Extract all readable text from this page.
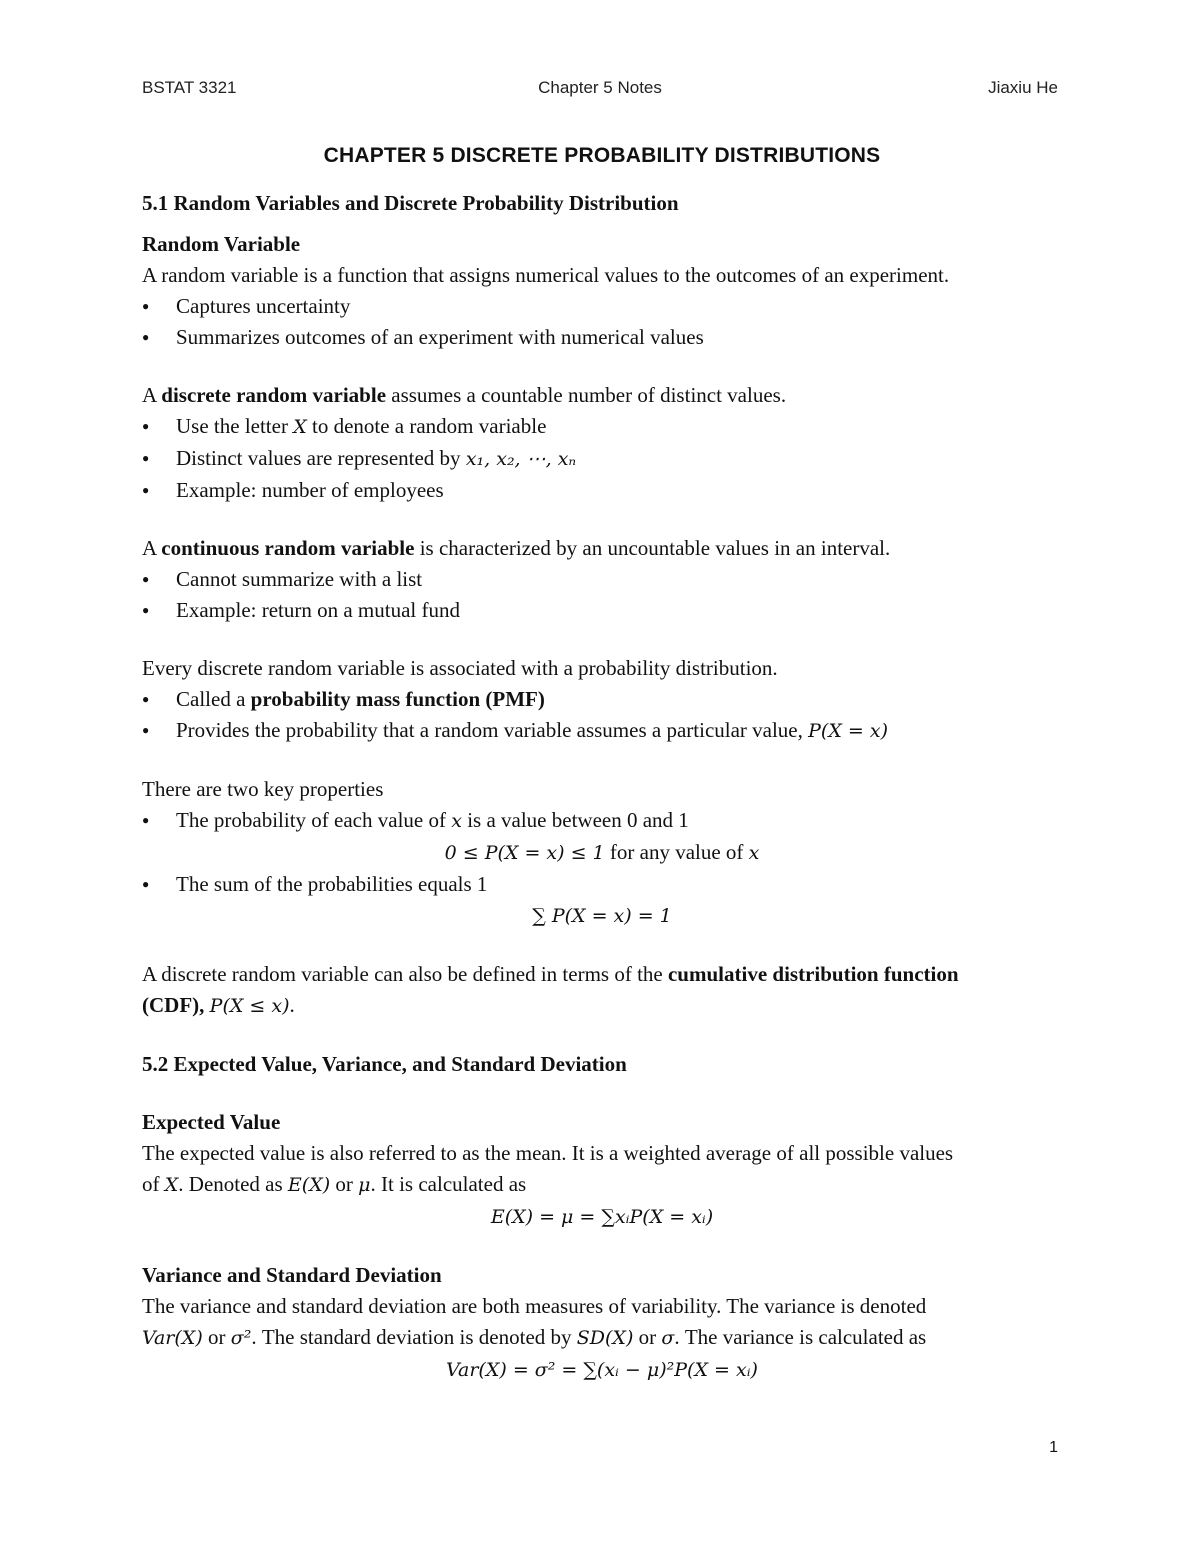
BSTAT 3321	Chapter 5 Notes	Jiaxiu He
CHAPTER 5 DISCRETE PROBABILITY DISTRIBUTIONS
5.1 Random Variables and Discrete Probability Distribution

Random Variable

A random variable is a function that assigns numerical values to the outcomes of an experiment.

● Captures uncertainty
● Summarizes outcomes of an experiment with numerical values

A discrete random variable assumes a countable number of distinct values.

● Use the letter X to denote a random variable
● Distinct values are represented by x₁, x₂, ⋯, xₙ
● Example: number of employees

A continuous random variable is characterized by an uncountable values in an interval.

● Cannot summarize with a list
● Example: return on a mutual fund

Every discrete random variable is associated with a probability distribution.

● Called a probability mass function (PMF)
● Provides the probability that a random variable assumes a particular value, P(X = x)

There are two key properties

● The probability of each value of x is a value between 0 and 1

0 ≤ P(X = x) ≤ 1 for any value of x

● The sum of the probabilities equals 1

∑ P(X = x) = 1

A discrete random variable can also be defined in terms of the cumulative distribution function
(CDF), P(X ≤ x).

5.2 Expected Value, Variance, and Standard Deviation

Expected Value

The expected value is also referred to as the mean. It is a weighted average of all possible values
of X. Denoted as E(X) or μ. It is calculated as

E(X) = μ = ∑xᵢP(X = xᵢ)

Variance and Standard Deviation

The variance and standard deviation are both measures of variability. The variance is denoted
Var(X) or σ². The standard deviation is denoted by SD(X) or σ. The variance is calculated as

Var(X) = σ² = ∑(xᵢ − μ)²P(X = xᵢ)

1
